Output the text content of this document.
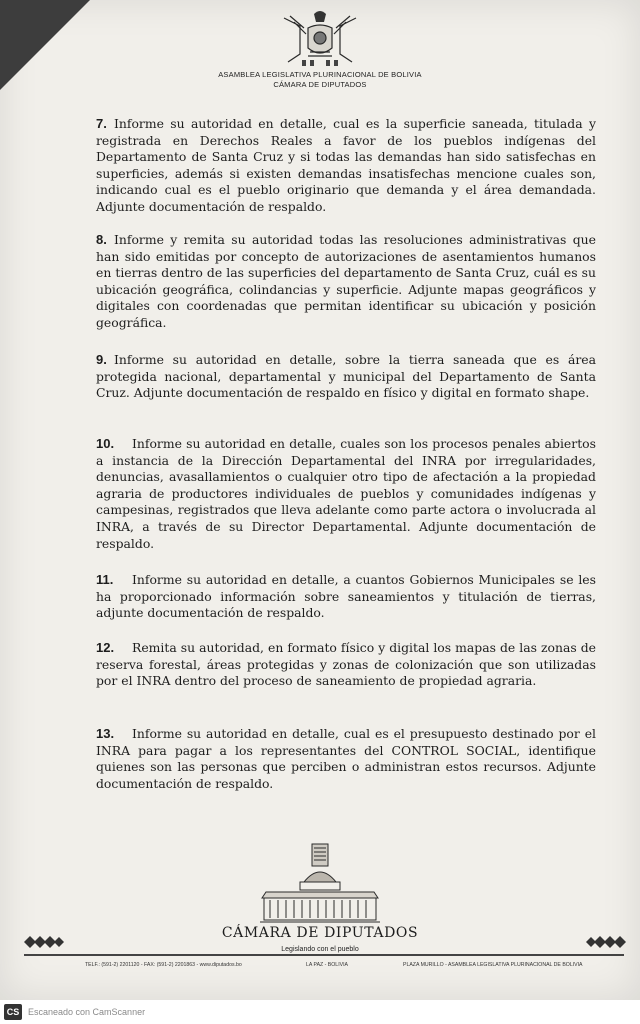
ASAMBLEA LEGISLATIVA PLURINACIONAL DE BOLIVIA
CÁMARA DE DIPUTADOS
7. Informe su autoridad en detalle, cual es la superficie saneada, titulada y registrada en Derechos Reales a favor de los pueblos indígenas del Departamento de Santa Cruz y si todas las demandas han sido satisfechas en superficies, además si existen demandas insatisfechas mencione cuales son, indicando cual es el pueblo originario que demanda y el área demandada. Adjunte documentación de respaldo.
8. Informe y remita su autoridad todas las resoluciones administrativas que han sido emitidas por concepto de autorizaciones de asentamientos humanos en tierras dentro de las superficies del departamento de Santa Cruz, cuál es su ubicación geográfica, colindancias y superficie. Adjunte mapas geográficos y digitales con coordenadas que permitan identificar su ubicación y posición geográfica.
9. Informe su autoridad en detalle, sobre la tierra saneada que es área protegida nacional, departamental y municipal del Departamento de Santa Cruz. Adjunte documentación de respaldo en físico y digital en formato shape.
10.	Informe su autoridad en detalle, cuales son los procesos penales abiertos a instancia de la Dirección Departamental del INRA por irregularidades, denuncias, avasallamientos o cualquier otro tipo de afectación a la propiedad agraria de productores individuales de pueblos y comunidades indígenas y campesinas, registrados que lleva adelante como parte actora o involucrada al INRA, a través de su Director Departamental. Adjunte documentación de respaldo.
11.	Informe su autoridad en detalle, a cuantos Gobiernos Municipales se les ha proporcionado información sobre saneamientos y titulación de tierras, adjunte documentación de respaldo.
12.	Remita su autoridad, en formato físico y digital los mapas de las zonas de reserva forestal, áreas protegidas y zonas de colonización que son utilizadas por el INRA dentro del proceso de saneamiento de propiedad agraria.
13.	Informe su autoridad en detalle, cual es el presupuesto destinado por el INRA para pagar a los representantes del CONTROL SOCIAL, identifique quienes son las personas que perciben o administran estos recursos. Adjunte documentación de respaldo.
CÁMARA DE DIPUTADOS
Legislando con el pueblo
TELF.: (591-2) 2201120 - FAX: (591-2) 2201863 - www.diputados.bo	LA PAZ - BOLIVIA	PLAZA MURILLO - ASAMBLEA LEGISLATIVA PLURINACIONAL DE BOLIVIA
CS Escaneado con CamScanner
